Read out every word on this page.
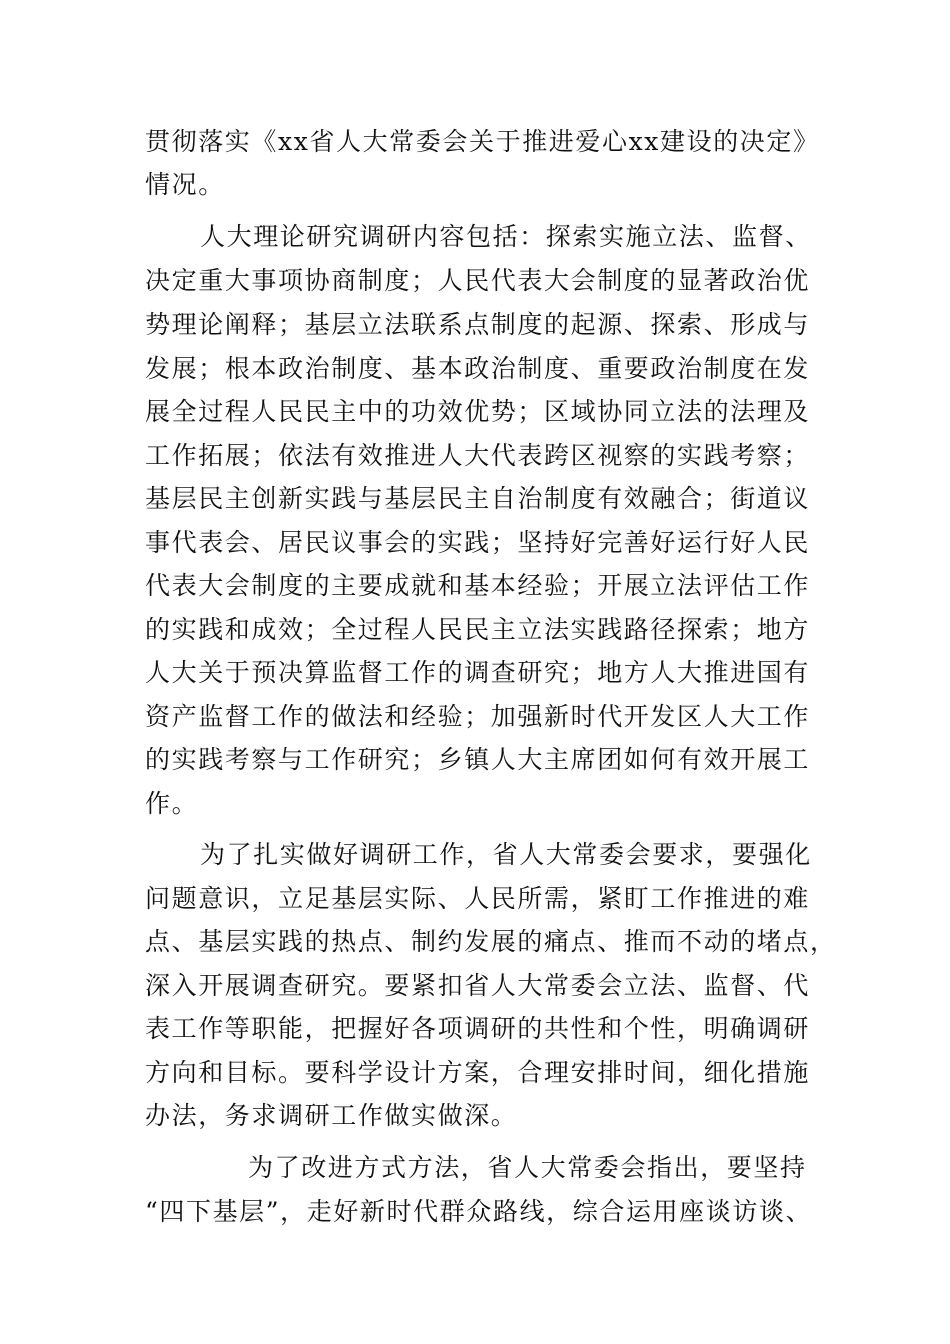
贯彻落实《xx省人大常委会关于推进爱心xx建设的决定》
情况。
人大理论研究调研内容包括：探索实施立法、监督、
决定重大事项协商制度；人民代表大会制度的显著政治优
势理论阐释；基层立法联系点制度的起源、探索、形成与
发展；根本政治制度、基本政治制度、重要政治制度在发
展全过程人民民主中的功效优势；区域协同立法的法理及
工作拓展；依法有效推进人大代表跨区视察的实践考察；
基层民主创新实践与基层民主自治制度有效融合；街道议
事代表会、居民议事会的实践；坚持好完善好运行好人民
代表大会制度的主要成就和基本经验；开展立法评估工作
的实践和成效；全过程人民民主立法实践路径探索；地方
人大关于预决算监督工作的调查研究；地方人大推进国有
资产监督工作的做法和经验；加强新时代开发区人大工作
的实践考察与工作研究；乡镇人大主席团如何有效开展工
作。
为了扎实做好调研工作，省人大常委会要求，要强化
问题意识，立足基层实际、人民所需，紧盯工作推进的难
点、基层实践的热点、制约发展的痛点、推而不动的堵点，
深入开展调查研究。要紧扣省人大常委会立法、监督、代
表工作等职能，把握好各项调研的共性和个性，明确调研
方向和目标。要科学设计方案，合理安排时间，细化措施
办法，务求调研工作做实做深。
为了改进方式方法，省人大常委会指出，要坚持
“四下基层”，走好新时代群众路线，综合运用座谈访谈、
